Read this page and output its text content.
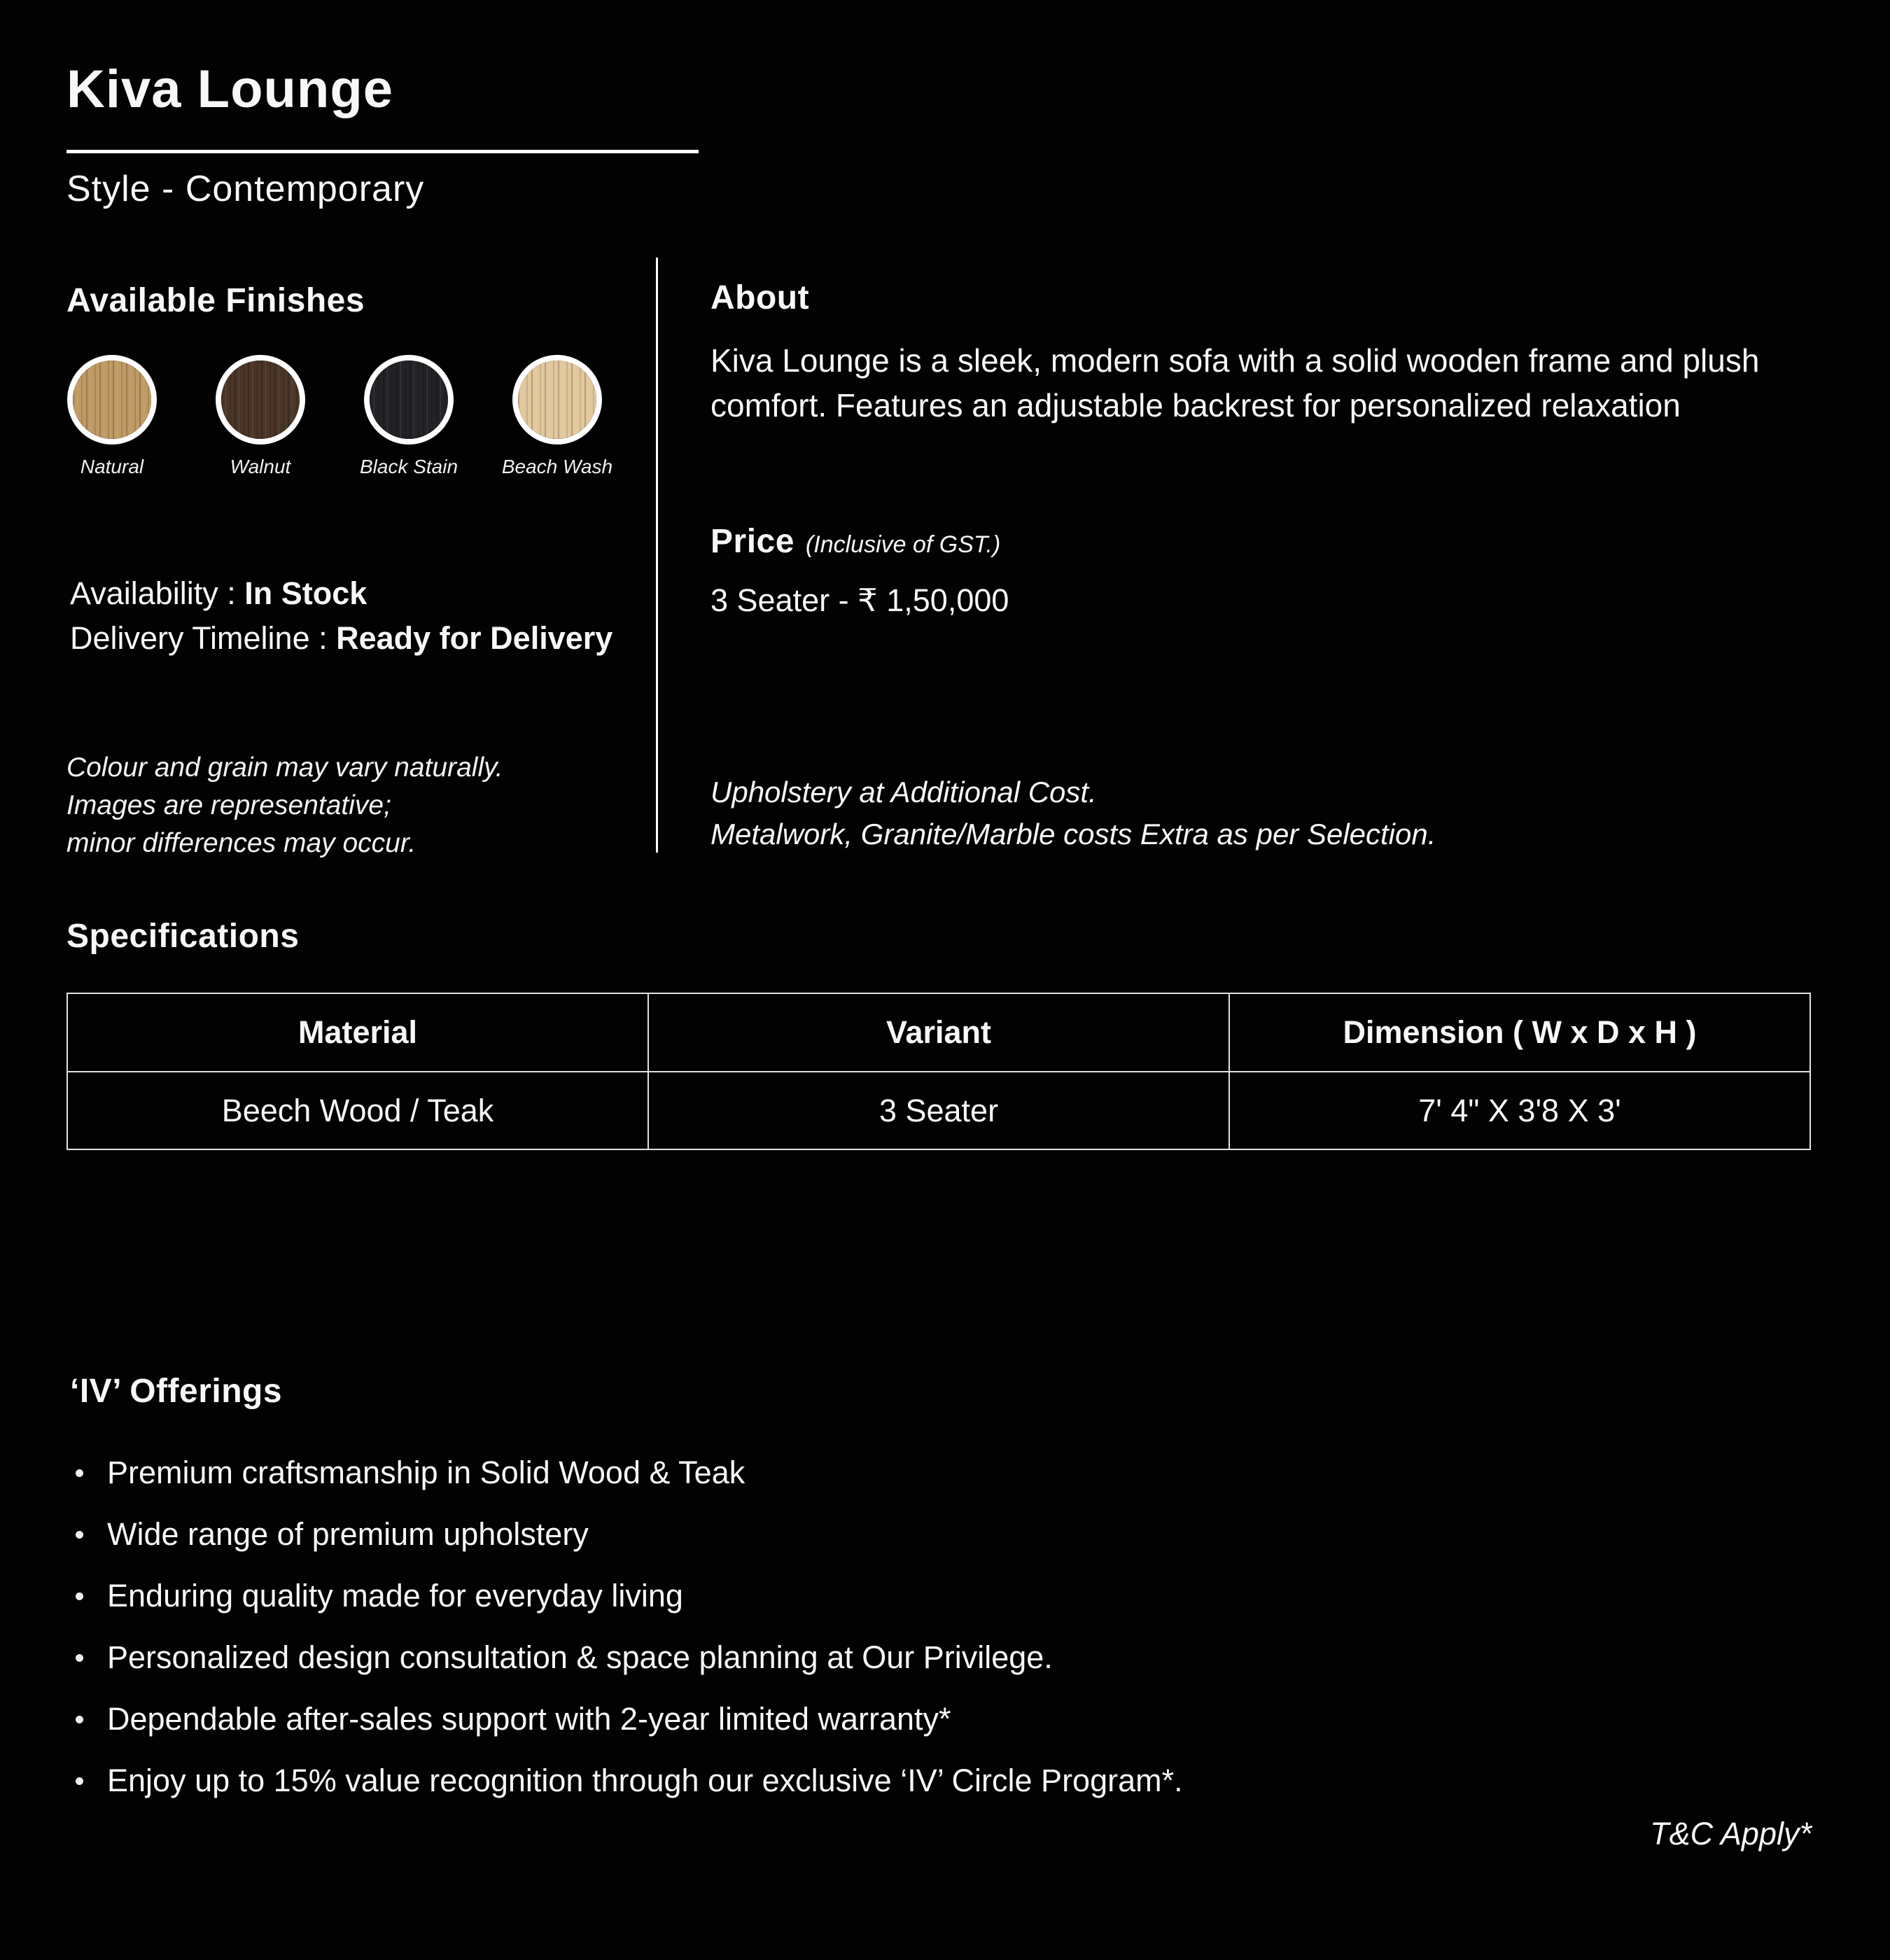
Kiva Lounge
Style - Contemporary
Available Finishes
Natural	Walnut	Black Stain Beach Wash
Availability : In Stock
Delivery Timeline : Ready for Delivery
Colour and grain may vary naturally.
Images are representative;
minor differences may occur.
About
Kiva Lounge is a sleek, modern sofa with a solid wooden frame and plush comfort. Features an adjustable backrest for personalized relaxation
Price (Inclusive of GST.)
3 Seater - ₹ 1,50,000
Upholstery at Additional Cost.
Metalwork, Granite/Marble costs Extra as per Selection.
Specifications
Material	Variant	Dimension ( W x D x H )
Beech Wood / Teak	3 Seater	7' 4" X 3'8 X 3'
‘IV’ Offerings
Premium craftsmanship in Solid Wood & Teak
Wide range of premium upholstery
Enduring quality made for everyday living
Personalized design consultation & space planning at Our Privilege.
Dependable after-sales support with 2-year limited warranty*
Enjoy up to 15% value recognition through our exclusive ‘IV’ Circle Program*.
T&C Apply*
